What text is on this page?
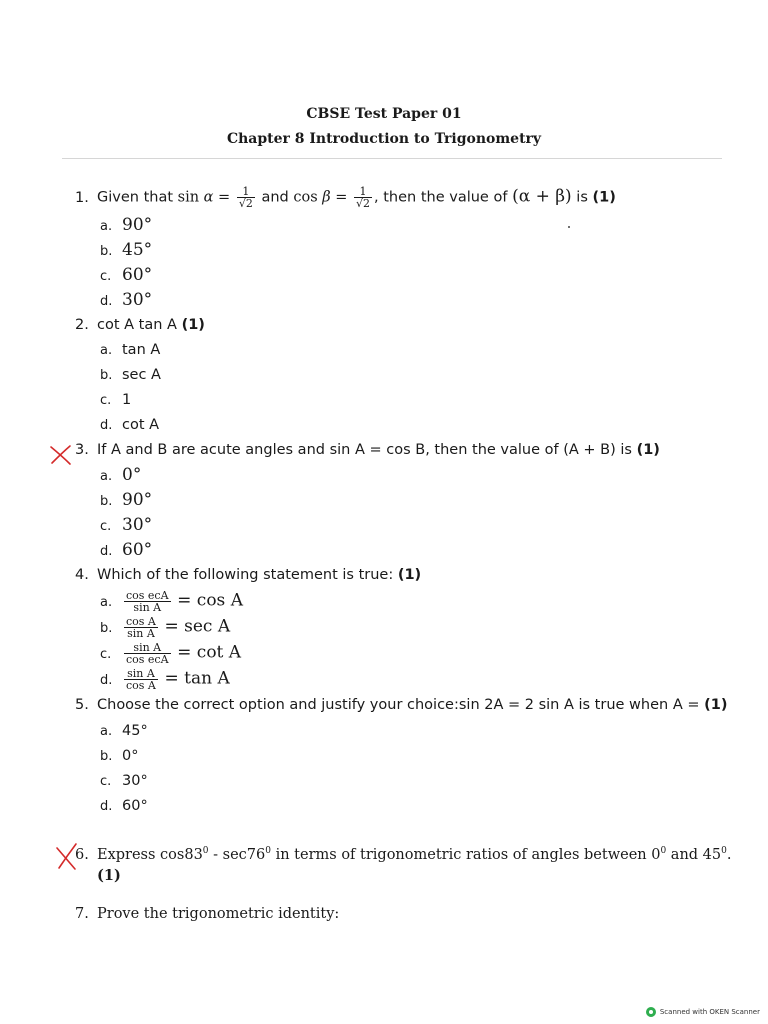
CBSE Test Paper 01
Chapter 8 Introduction to Trigonometry
1. Given that $\sin \alpha = \frac{1}{√2}$ and $\cos \beta = \frac{1}{√2}$ , then the value of (α + β) is (1)
a. 90°
b. 45°
c. 60°
d. 30°
2. cot A tan A (1)
a. tan A
b. sec A
c. 1
d. cot A
3. If A and B are acute angles and sin A = cos B, then the value of (A + B) is (1)
a. 0°
b. 90°
c. 30°
d. 60°
4. Which of the following statement is true: (1)
a. $\frac{\text{cos ecA}}{\text{sin A}} = \cos A$
b. $\frac{\text{cos A}}{\text{sin A}} = \sec A$
c. $\frac{\text{sin A}}{\text{cos ecA}} = \cot A$
d. $\frac{\text{sin A}}{\text{cos A}} = \tan A$
5. Choose the correct option and justify your choice:sin 2A = 2 sin A is true when A = (1)
a. 45°
b. 0°
c. 30°
d. 60°
6. Express $\cos 83^0 - \sec 76^0$ in terms of trigonometric ratios of angles between $0^0$ and $45^0$.
(1)
7. Prove the trigonometric identity:
Scanned with OKEN Scanner
